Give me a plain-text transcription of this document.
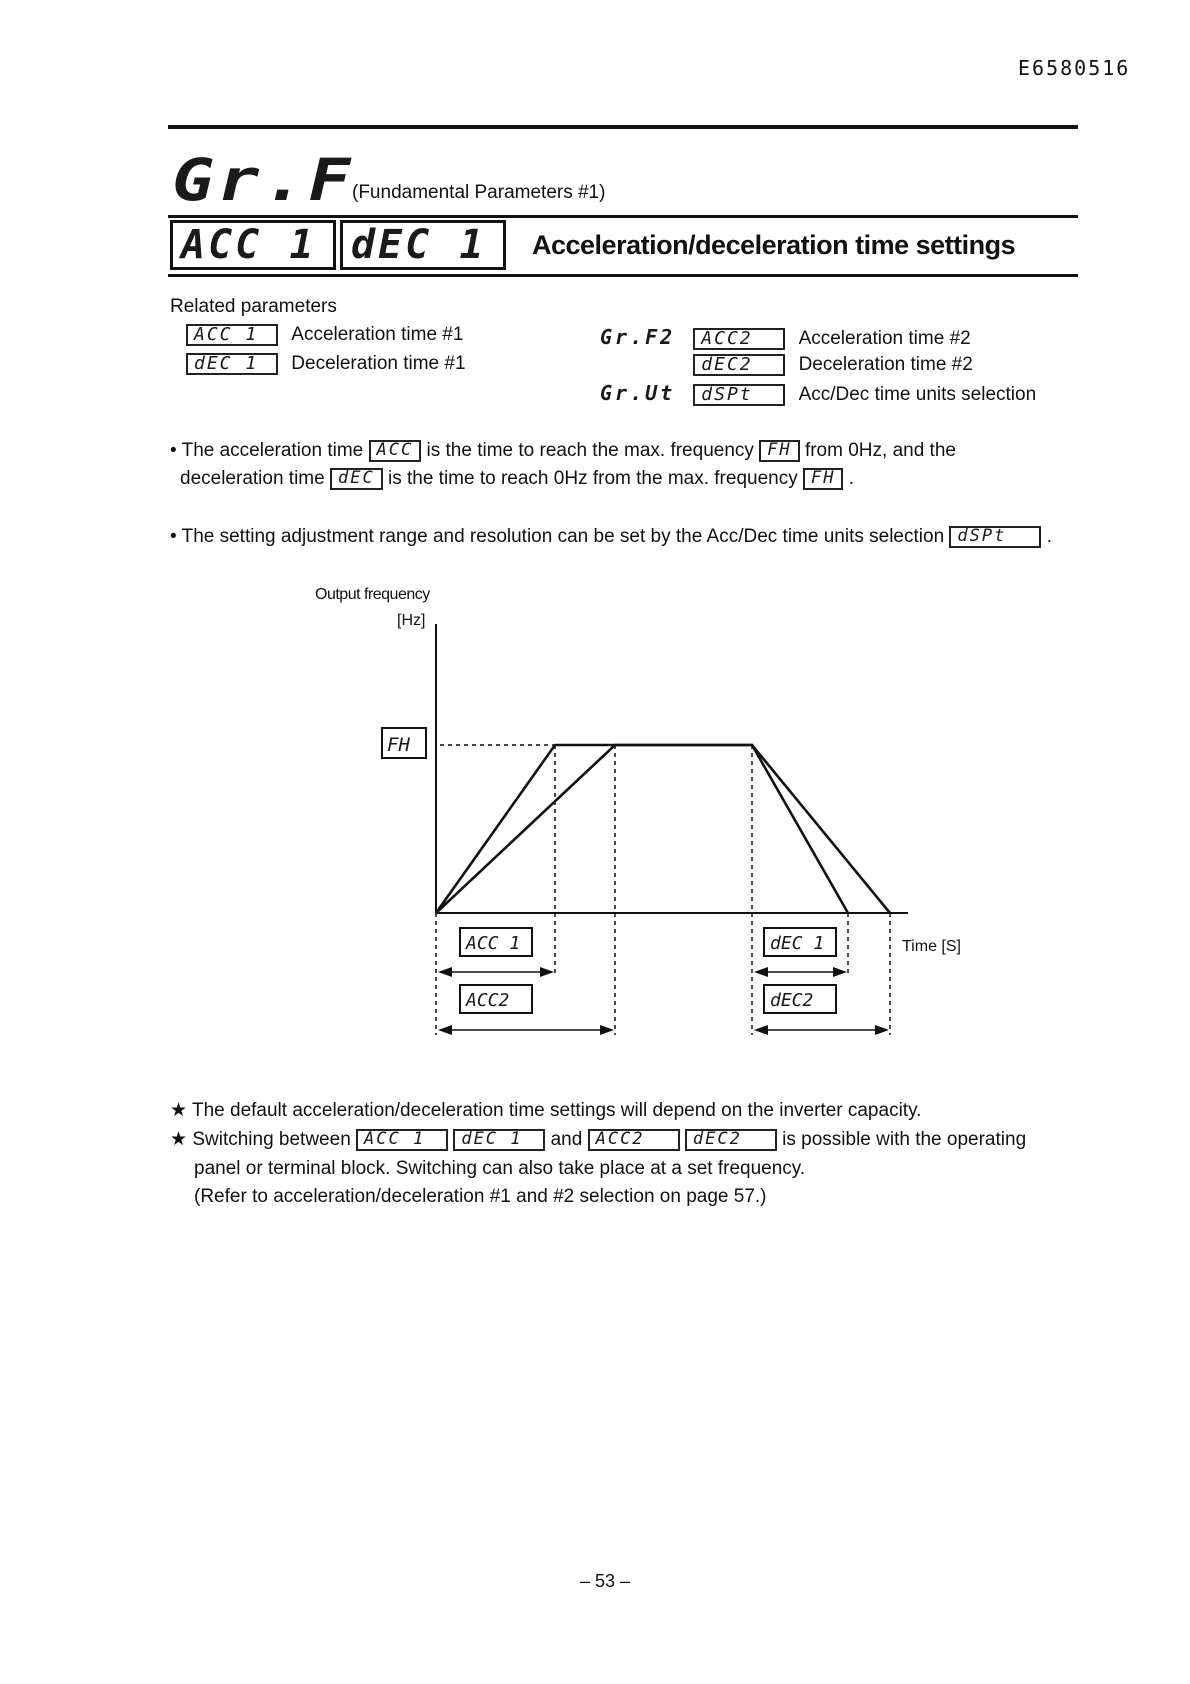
E6580516
Gr.F
(Fundamental Parameters #1)
ACC 1 dEC 1	Acceleration/deceleration time settings
Related parameters
ACC 1 Acceleration time #1
dEC 1 Deceleration time #1
Gr.F2 ACC2 Acceleration time #2
dEC2 Deceleration time #2
Gr.Ut dSPt Acc/Dec time units selection
• The acceleration time ACC is the time to reach the max. frequency FH from 0Hz, and the
deceleration time dEC is the time to reach 0Hz from the max. frequency FH .
• The setting adjustment range and resolution can be set by the Acc/Dec time units selection dSPt .
FH
ACC 1
ACC2
dEC 1
dEC2
Output frequency
[Hz]
Time [S]
★ The default acceleration/deceleration time settings will depend on the inverter capacity.
★ Switching between ACC 1 dEC 1 and ACC2	dEC2 is possible with the operating
panel or terminal block. Switching can also take place at a set frequency.
(Refer to acceleration/deceleration #1 and #2 selection on page 57.)
– 53 –
